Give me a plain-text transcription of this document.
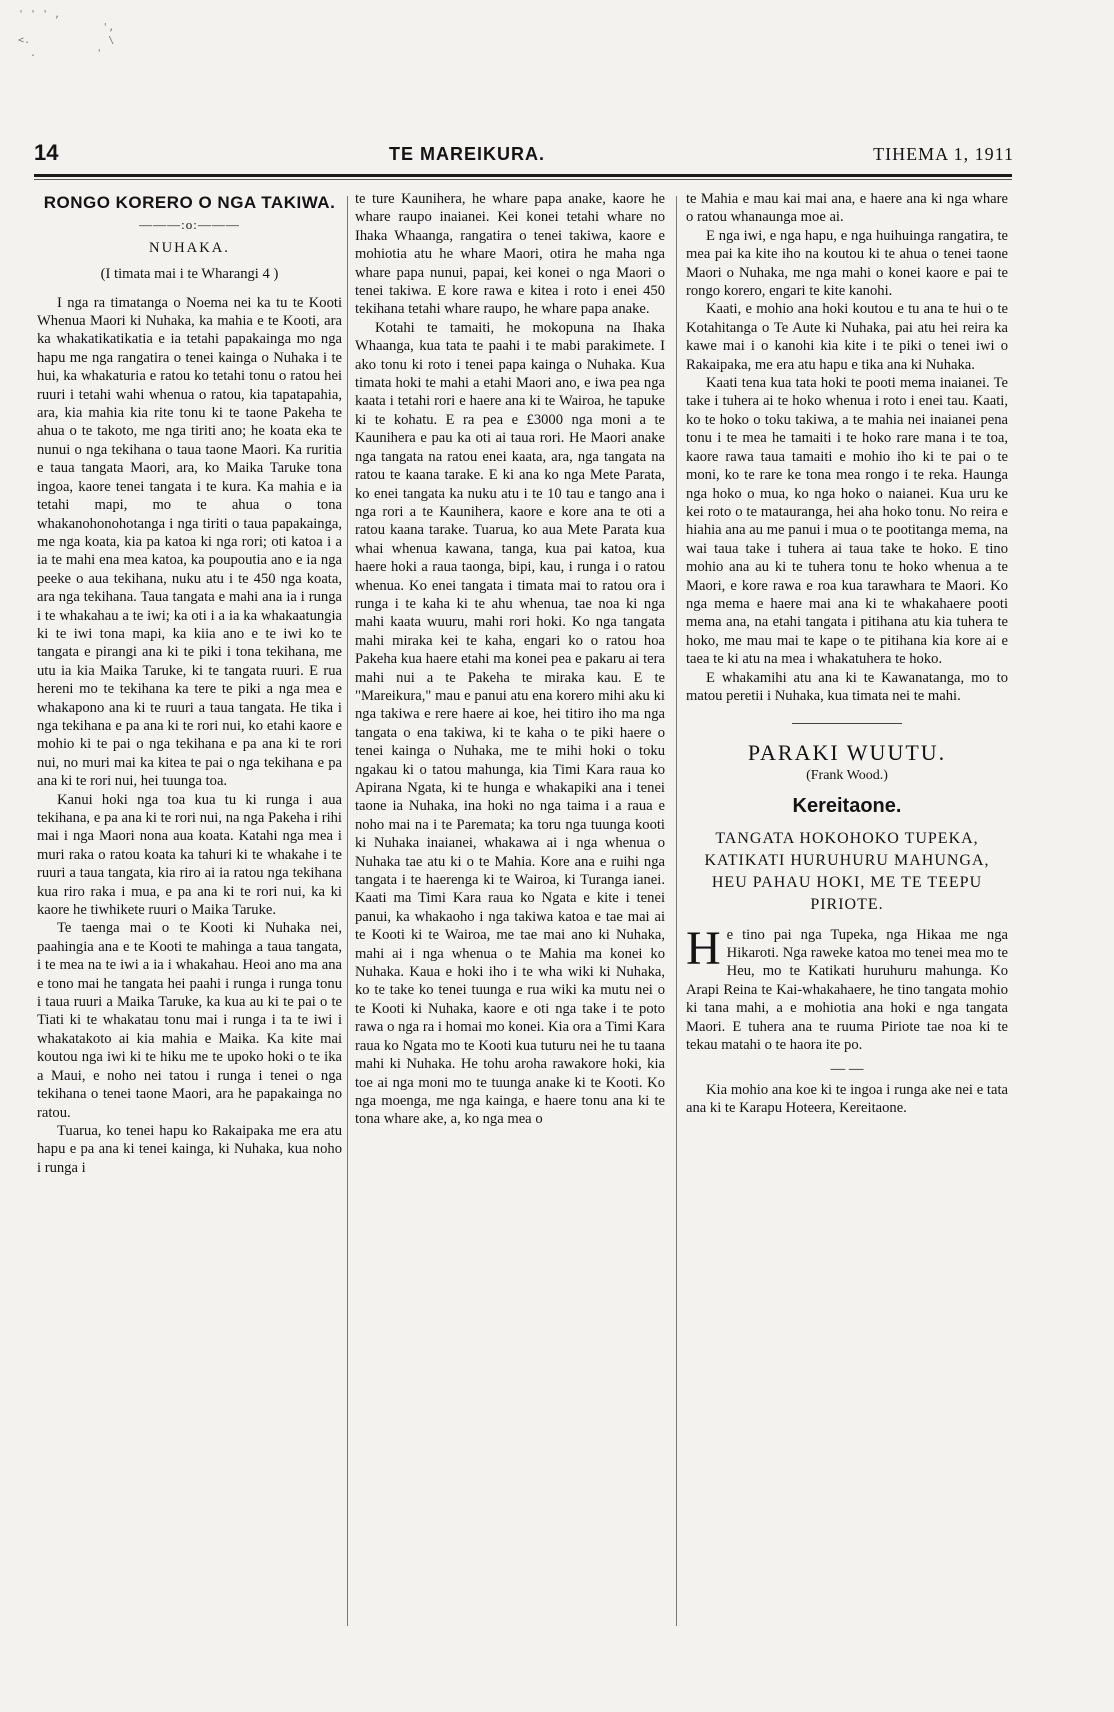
' ' ' ,
',
<.             \
.          '
14	TE MAREIKURA.	TIHEMA 1, 1911
RONGO KORERO O NGA TAKIWA.
———:o:———
NUHAKA.
(I timata mai i te Wharangi 4 )

I nga ra timatanga o Noema nei ka tu te Kooti Whenua Maori ki Nuhaka, ka mahia e te Kooti, ara ka whakatikatikatia e ia tetahi papakainga mo nga hapu me nga rangatira o tenei kainga o Nuhaka i te hui, ka whakaturia e ratou ko tetahi tonu o ratou hei ruuri i tetahi wahi whenua o ratou, kia tapatapahia, ara, kia mahia kia rite tonu ki te taone Pakeha te ahua o te takoto, me nga tiriti ano; he koata eka te nunui o nga tekihana o taua taone Maori. Ka ruritia e taua tangata Maori, ara, ko Maika Taruke tona ingoa, kaore tenei tangata i te kura. Ka mahia e ia tetahi mapi, mo te ahua o tona whakanohonohotanga i nga tiriti o taua papakainga, me nga koata, kia pa katoa ki nga rori; oti katoa i a ia te mahi ena mea katoa, ka poupoutia ano e ia nga peeke o aua tekihana, nuku atu i te 450 nga koata, ara nga tekihana. Taua tangata e mahi ana ia i runga i te whakahau a te iwi; ka oti i a ia ka whakaatungia ki te iwi tona mapi, ka kiia ano e te iwi ko te tangata e pirangi ana ki te piki i tona tekihana, me utu ia kia Maika Taruke, ki te tangata ruuri. E rua hereni mo te tekihana ka tere te piki a nga mea e whakapono ana ki te ruuri a taua tangata. He tika i nga tekihana e pa ana ki te rori nui, ko etahi kaore e mohio ki te pai o nga tekihana e pa ana ki te rori nui, no muri mai ka kitea te pai o nga tekihana e pa ana ki te rori nui, hei tuunga toa.

Kanui hoki nga toa kua tu ki runga i aua tekihana, e pa ana ki te rori nui, na nga Pakeha i rihi mai i nga Maori nona aua koata. Katahi nga mea i muri raka o ratou koata ka tahuri ki te whakahe i te ruuri a taua tangata, kia riro ai ia ratou nga tekihana kua riro raka i mua, e pa ana ki te rori nui, ka ki kaore he tiwhikete ruuri o Maika Taruke.

Te taenga mai o te Kooti ki Nuhaka nei, paahingia ana e te Kooti te mahinga a taua tangata, i te mea na te iwi a ia i whakahau. Heoi ano ma ana e tono mai he tangata hei paahi i runga i runga tonu i taua ruuri a Maika Taruke, ka kua au ki te pai o te Tiati ki te whakatau tonu mai i runga i ta te iwi i whakatakoto ai kia mahia e Maika. Ka kite mai koutou nga iwi ki te hiku me te upoko hoki o te ika a Maui, e noho nei tatou i runga i tenei o nga tekihana o tenei taone Maori, ara he papakainga no ratou.

Tuarua, ko tenei hapu ko Rakaipaka me era atu hapu e pa ana ki tenei kainga, ki Nuhaka, kua noho i runga i

te ture Kaunihera, he whare papa anake, kaore he whare raupo inaianei. Kei konei tetahi whare no Ihaka Whaanga, rangatira o tenei takiwa, kaore e mohiotia atu he whare Maori, otira he maha nga whare papa nunui, papai, kei konei o nga Maori o tenei takiwa. E kore rawa e kitea i roto i enei 450 tekihana tetahi whare raupo, he whare papa anake.

Kotahi te tamaiti, he mokopuna na Ihaka Whaanga, kua tata te paahi i te mabi parakimete. I ako tonu ki roto i tenei papa kainga o Nuhaka. Kua timata hoki te mahi a etahi Maori ano, e iwa pea nga kaata i tetahi rori e haere ana ki te Wairoa, he tapuke ki te kohatu. E ra pea e £3000 nga moni a te Kaunihera e pau ka oti ai taua rori. He Maori anake nga tangata na ratou enei kaata, ara, nga tangata na ratou te kaana tarake. E ki ana ko nga Mete Parata, ko enei tangata ka nuku atu i te 10 tau e tango ana i nga rori a te Kaunihera, kaore e kore ana te oti a ratou kaana tarake. Tuarua, ko aua Mete Parata kua whai whenua kawana, tanga, kua pai katoa, kua haere hoki a raua taonga, bipi, kau, i runga i o ratou whenua. Ko enei tangata i timata mai to ratou ora i runga i te kaha ki te ahu whenua, tae noa ki nga mahi kaata wuuru, mahi rori hoki. Ko nga tangata mahi miraka kei te kaha, engari ko o ratou hoa Pakeha kua haere etahi ma konei pea e pakaru ai tera mahi nui a te Pakeha te miraka kau. E te "Mareikura," mau e panui atu ena korero mihi aku ki nga takiwa e rere haere ai koe, hei titiro iho ma nga tangata o ena takiwa, ki te kaha o te piki haere o tenei kainga o Nuhaka, me te mihi hoki o toku ngakau ki o tatou mahunga, kia Timi Kara raua ko Apirana Ngata, ki te hunga e whakapiki ana i tenei taone ia Nuhaka, ina hoki no nga taima i a raua e noho mai na i te Paremata; ka toru nga tuunga kooti ki Nuhaka inaianei, whakawa ai i nga whenua o Nuhaka tae atu ki o te Mahia. Kore ana e ruihi nga tangata i te haerenga ki te Wairoa, ki Turanga ianei. Kaati ma Timi Kara raua ko Ngata e kite i tenei panui, ka whakaoho i nga takiwa katoa e tae mai ai te Kooti ki te Wairoa, me tae mai ano ki Nuhaka, mahi ai i nga whenua o te Mahia ma konei ko Nuhaka. Kaua e hoki iho i te wha wiki ki Nuhaka, ko te take ko tenei tuunga e rua wiki ka mutu nei o te Kooti ki Nuhaka, kaore e oti nga take i te poto rawa o nga ra i homai mo konei. Kia ora a Timi Kara raua ko Ngata mo te Kooti kua tuturu nei he tu taana mahi ki Nuhaka. He tohu aroha rawakore hoki, kia toe ai nga moni mo te tuunga anake ki te Kooti. Ko nga moenga, me nga kainga, e haere tonu ana ki te tona whare ake, a, ko nga mea o

te Mahia e mau kai mai ana, e haere ana ki nga whare o ratou whanaunga moe ai.

E nga iwi, e nga hapu, e nga huihuinga rangatira, te mea pai ka kite iho na koutou ki te ahua o tenei taone Maori o Nuhaka, me nga mahi o konei kaore e pai te rongo korero, engari te kite kanohi.

Kaati, e mohio ana hoki koutou e tu ana te hui o te Kotahitanga o Te Aute ki Nuhaka, pai atu hei reira ka kawe mai i o kanohi kia kite i te piki o tenei iwi o Rakaipaka, me era atu hapu e tika ana ki Nuhaka.

Kaati tena kua tata hoki te pooti mema inaianei. Te take i tuhera ai te hoko whenua i roto i enei tau. Kaati, ko te hoko o toku takiwa, a te mahia nei inaianei pena tonu i te mea he tamaiti i te hoko rare mana i te toa, kaore rawa taua tamaiti e mohio iho ki te pai o te moni, ko te rare ke tona mea rongo i te reka. Haunga nga hoko o mua, ko nga hoko o naianei. Kua uru ke kei roto o te matauranga, hei aha hoko tonu. No reira e hiahia ana au me panui i mua o te pootitanga mema, na wai taua take i tuhera ai taua take te hoko. E tino mohio ana au ki te tuhera tonu te hoko whenua a te Maori, e kore rawa e roa kua tarawhara te Maori. Ko nga mema e haere mai ana ki te whakahaere pooti mema ana, na etahi tangata i pitihana atu kia tuhera te hoko, me mau mai te kape o te pitihana kia kore ai e taea te ki atu na mea i whakatuhera te hoko.

E whakamihi atu ana ki te Kawanatanga, mo to matou peretii i Nuhaka, kua timata nei te mahi.

PARAKI WUUTU.
(Frank Wood.)
Kereitaone.
TANGATA HOKOHOKO TUPEKA, KATIKATI HURUHURU MAHUNGA, HEU PAHAU HOKI, ME TE TEEPU PIRIOTE.

He tino pai nga Tupeka, nga Hikaa me nga Hikaroti. Nga raweke katoa mo tenei mea mo te Heu, mo te Katikati huruhuru mahunga. Ko Arapi Reina te Kai-whakahaere, he tino tangata mohio ki tana mahi, a e mohiotia ana hoki e nga tangata Maori. E tuhera ana te ruuma Piriote tae noa ki te tekau matahi o te haora ite po.

— —

Kia mohio ana koe ki te ingoa i runga ake nei e tata ana ki te Karapu Hoteera, Kereitaone.
